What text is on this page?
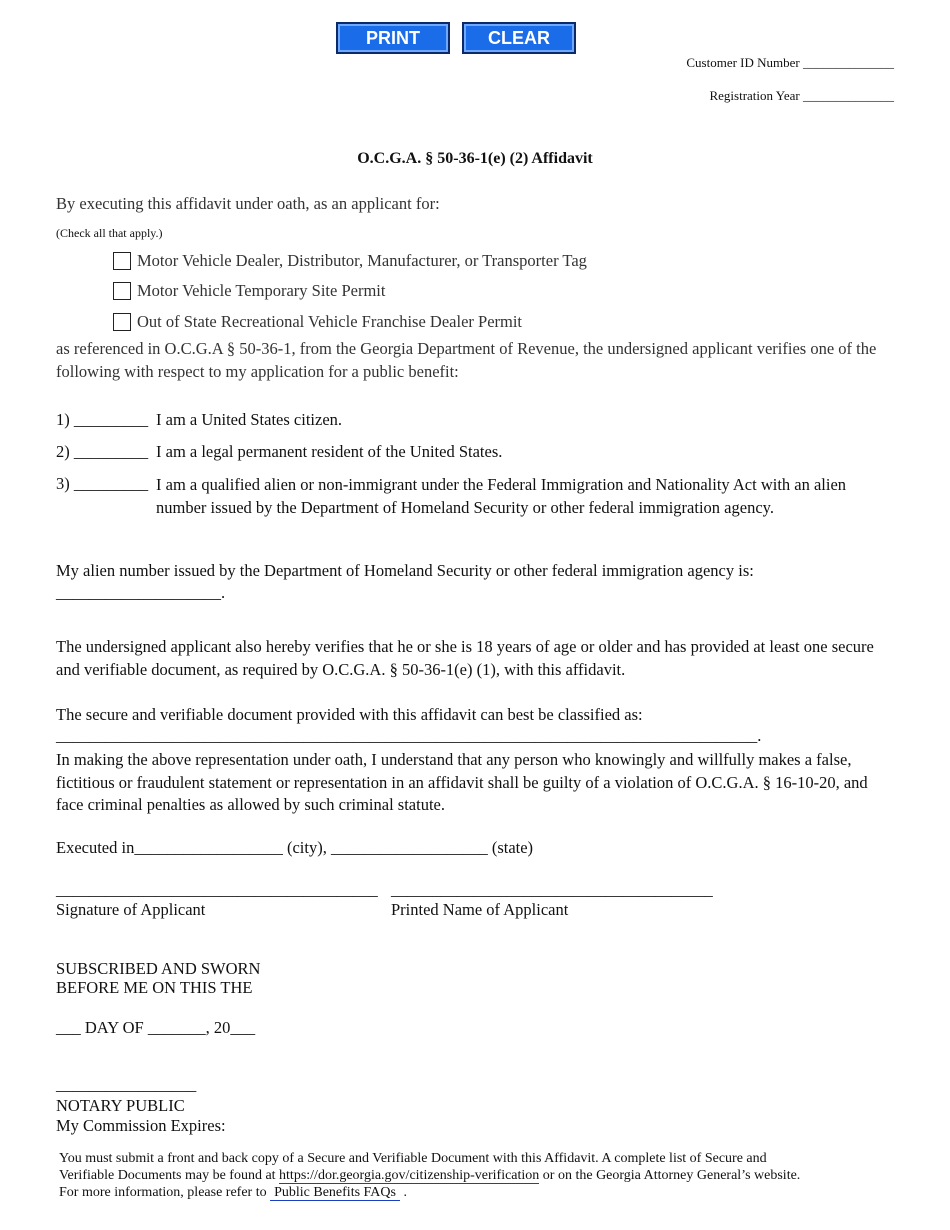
PRINT	CLEAR
Customer ID Number ______________
Registration Year ______________
O.C.G.A. § 50-36-1(e) (2) Affidavit
By executing this affidavit under oath, as an applicant for:
(Check all that apply.)
Motor Vehicle Dealer, Distributor, Manufacturer, or Transporter Tag
Motor Vehicle Temporary Site Permit
Out of State Recreational Vehicle Franchise Dealer Permit
as referenced in O.C.G.A § 50-36-1, from the Georgia Department of Revenue, the undersigned applicant verifies one of the following with respect to my application for a public benefit:
1) _________ I am a United States citizen.
2) _________ I am a legal permanent resident of the United States.
3) _________ I am a qualified alien or non-immigrant under the Federal Immigration and Nationality Act with an alien number issued by the Department of Homeland Security or other federal immigration agency.
My alien number issued by the Department of Homeland Security or other federal immigration agency is:
____________________.
The undersigned applicant also hereby verifies that he or she is 18 years of age or older and has provided at least one secure and verifiable document, as required by O.C.G.A. § 50-36-1(e) (1), with this affidavit.
The secure and verifiable document provided with this affidavit can best be classified as:
_____________________________________________________________________________________.
In making the above representation under oath, I understand that any person who knowingly and willfully makes a false, fictitious or fraudulent statement or representation in an affidavit shall be guilty of a violation of O.C.G.A. § 16-10-20, and face criminal penalties as allowed by such criminal statute.
Executed in__________________ (city), ___________________ (state)
_______________________________________ _______________________________________
Signature of Applicant	Printed Name of Applicant
SUBSCRIBED AND SWORN
BEFORE ME ON THIS THE
___ DAY OF _______, 20___
_________________
NOTARY PUBLIC
My Commission Expires:
You must submit a front and back copy of a Secure and Verifiable Document with this Affidavit. A complete list of Secure and
Verifiable Documents may be found at https://dor.georgia.gov/citizenship-verification or on the Georgia Attorney General’s website.
For more information, please refer to Public Benefits FAQs .
